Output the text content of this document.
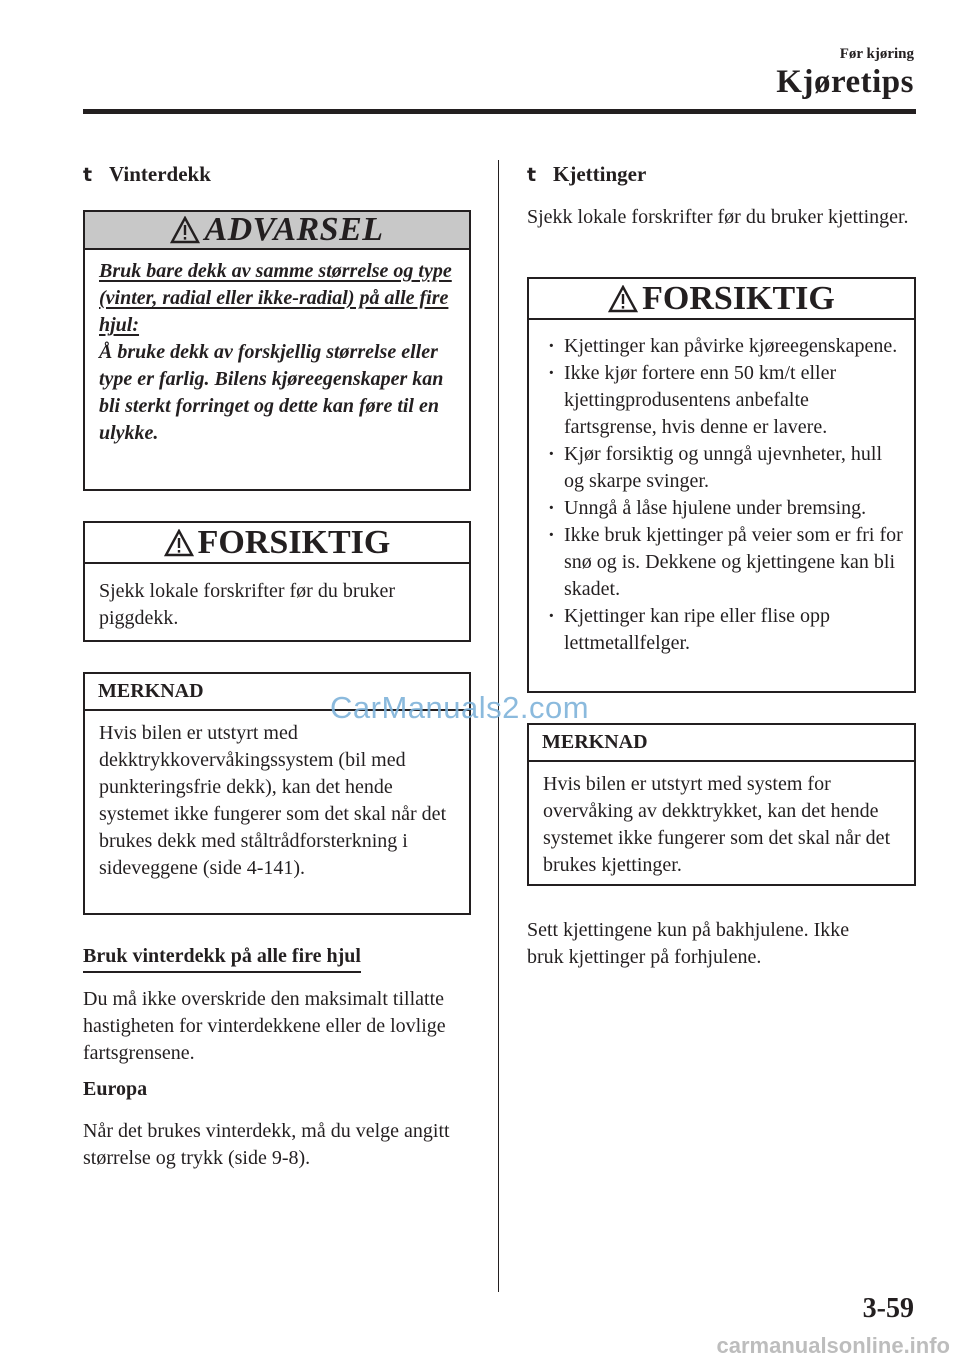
Før kjøring
Kjøretips
t Vinterdekk
ADVARSEL
Bruk bare dekk av samme størrelse og type (vinter, radial eller ikke-radial) på alle fire hjul:
Å bruke dekk av forskjellig størrelse eller type er farlig. Bilens kjøreegenskaper kan bli sterkt forringet og dette kan føre til en ulykke.
FORSIKTIG
Sjekk lokale forskrifter før du bruker piggdekk.
MERKNAD
Hvis bilen er utstyrt med dekktrykkovervåkingssystem (bil med punkteringsfrie dekk), kan det hende systemet ikke fungerer som det skal når det brukes dekk med ståltrådforsterkning i sideveggene (side 4-141).
Bruk vinterdekk på alle fire hjul
Du må ikke overskride den maksimalt tillatte hastigheten for vinterdekkene eller de lovlige fartsgrensene.
Europa
Når det brukes vinterdekk, må du velge angitt størrelse og trykk (side 9-8).
t Kjettinger
Sjekk lokale forskrifter før du bruker kjettinger.
FORSIKTIG
· Kjettinger kan påvirke kjøreegenskapene.
· Ikke kjør fortere enn 50 km/t eller kjettingprodusentens anbefalte fartsgrense, hvis denne er lavere.
· Kjør forsiktig og unngå ujevnheter, hull og skarpe svinger.
· Unngå å låse hjulene under bremsing.
· Ikke bruk kjettinger på veier som er fri for snø og is. Dekkene og kjettingene kan bli skadet.
· Kjettinger kan ripe eller flise opp lettmetallfelger.
MERKNAD
Hvis bilen er utstyrt med system for overvåking av dekktrykket, kan det hende systemet ikke fungerer som det skal når det brukes kjettinger.
Sett kjettingene kun på bakhjulene. Ikke bruk kjettinger på forhjulene.
3-59
CarManuals2.com
carmanualsonline.info
